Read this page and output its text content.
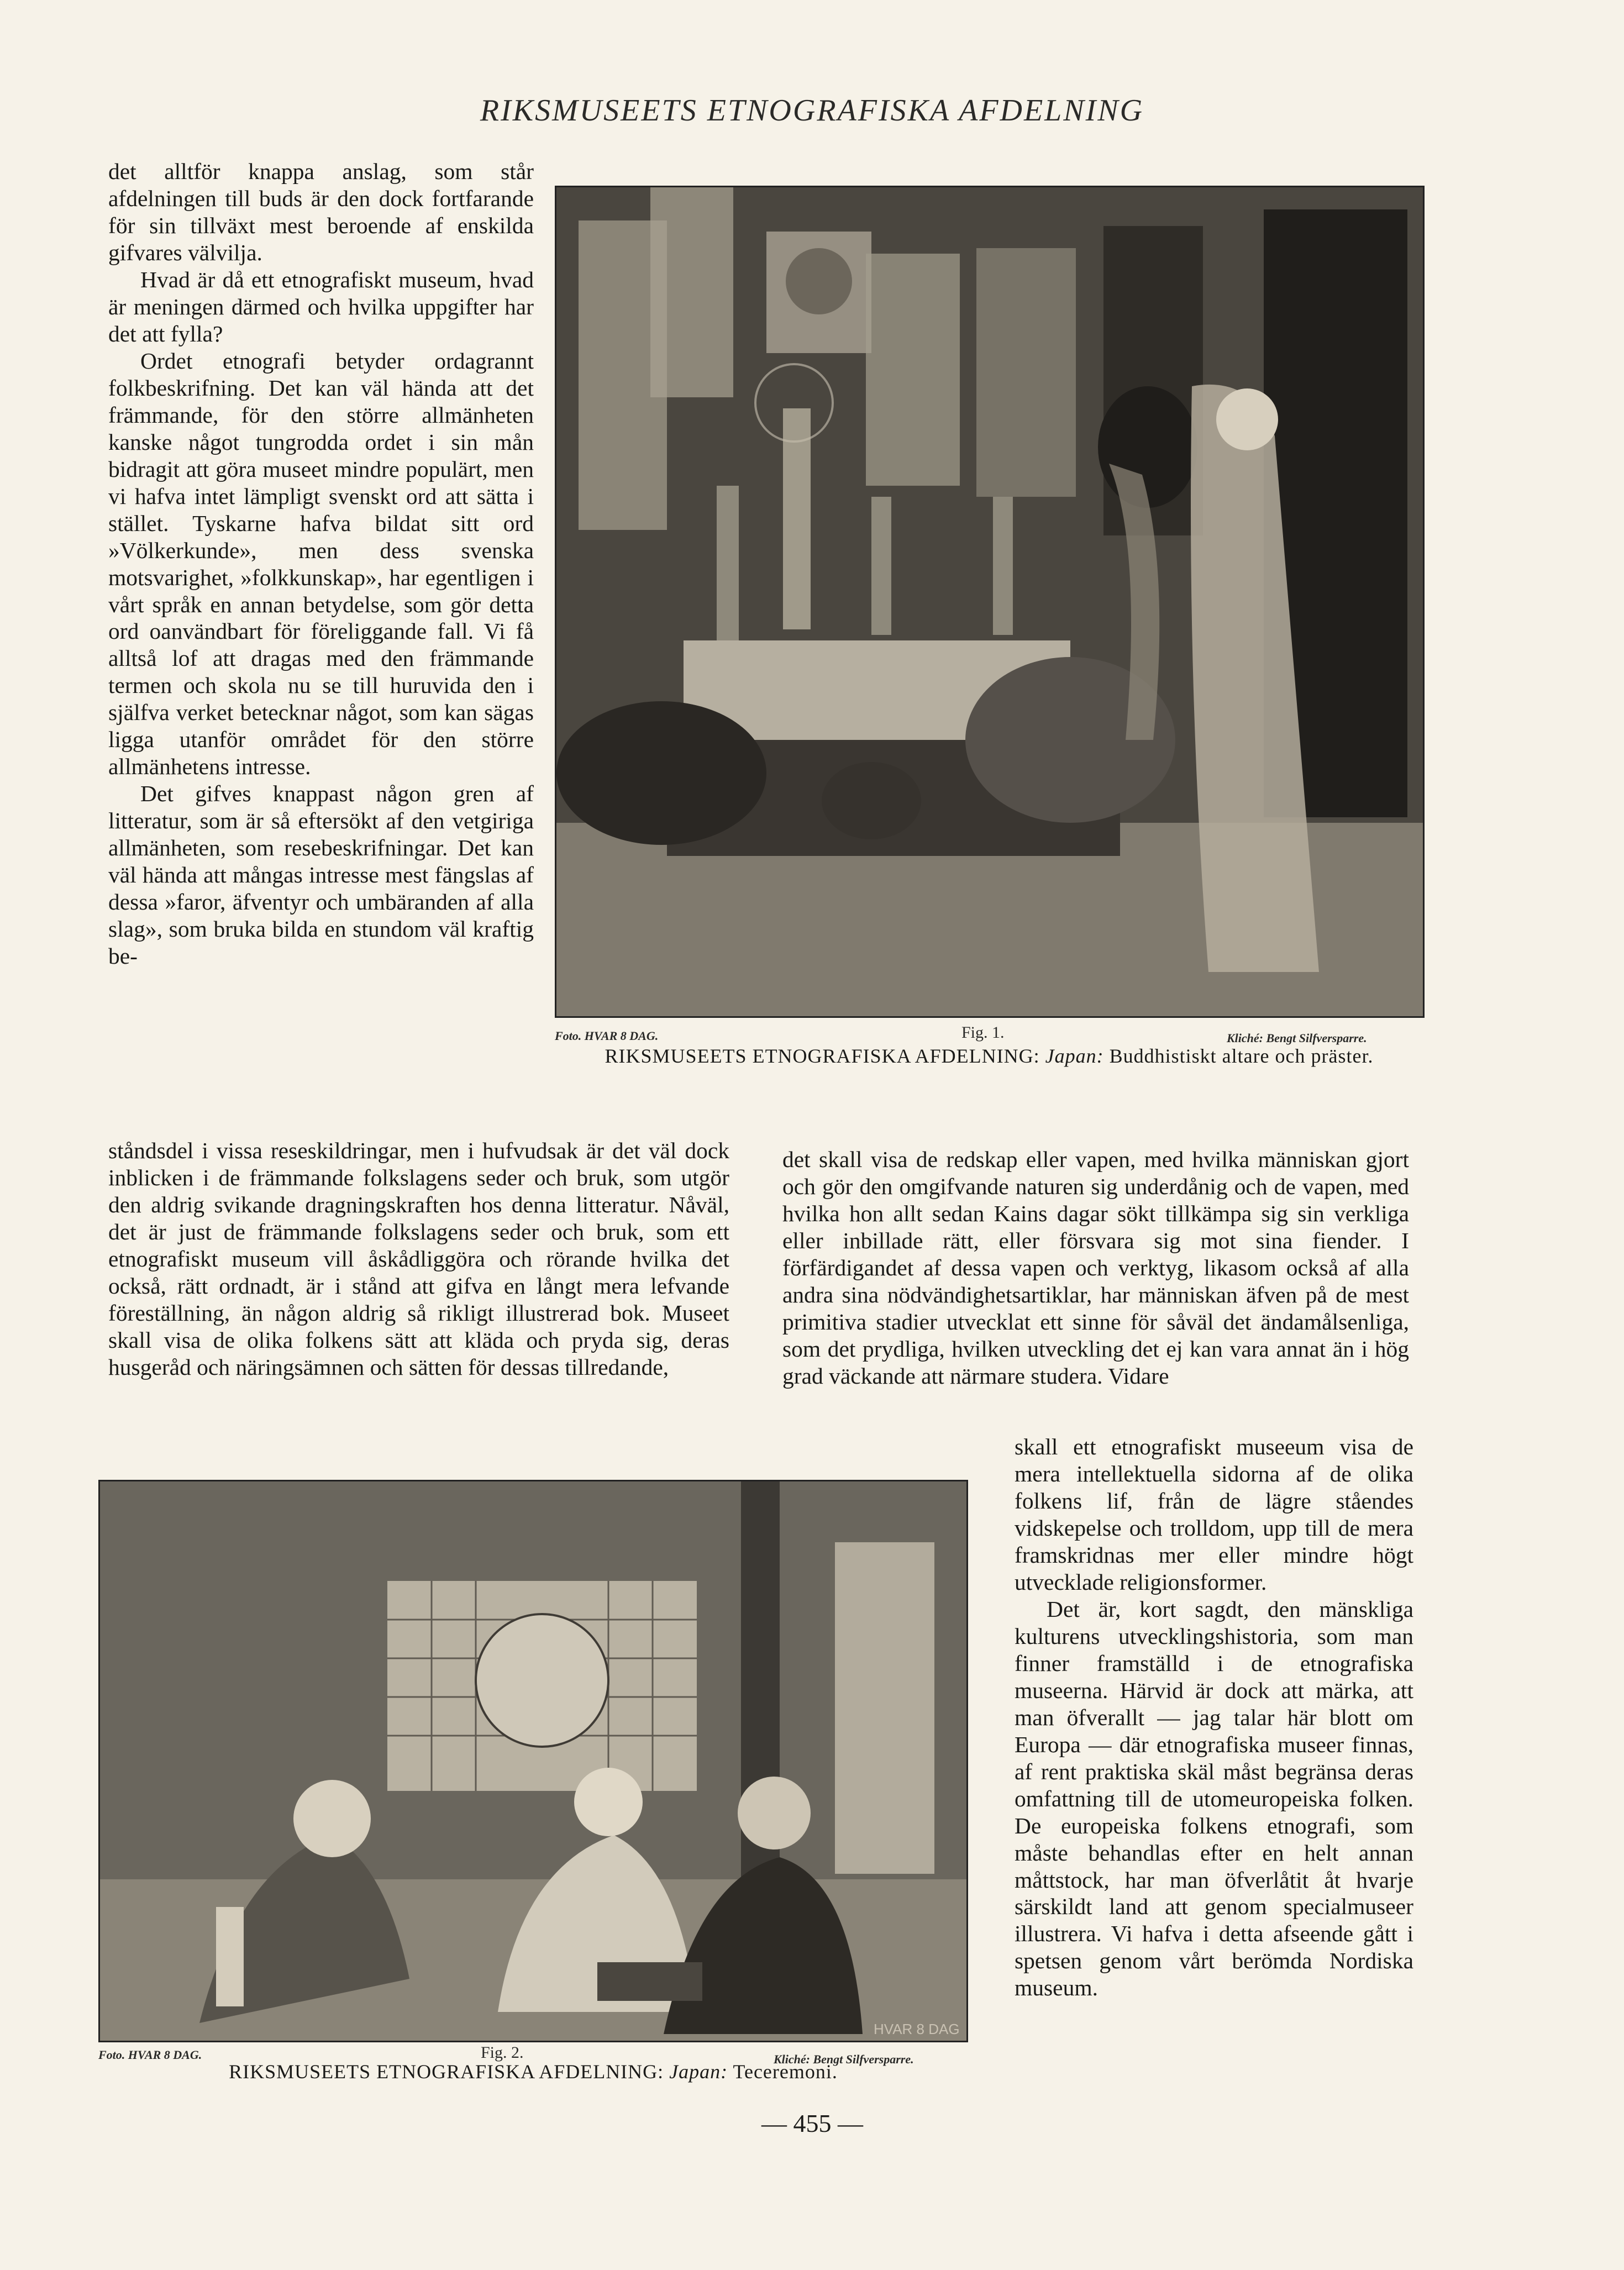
RIKSMUSEETS ETNOGRAFISKA AFDELNING

det alltför knappa anslag, som står afdelningen till buds är den dock fortfarande för sin tillväxt mest beroende af enskilda gifvares välvilja.

Hvad är då ett etnografiskt museum, hvad är meningen därmed och hvilka uppgifter har det att fylla?

Ordet etnografi betyder ordagrannt folkbeskrifning. Det kan väl hända att det främmande, för den större allmänheten kanske något tungrodda ordet i sin mån bidragit att göra museet mindre populärt, men vi hafva intet lämpligt svenskt ord att sätta i stället. Tyskarne hafva bildat sitt ord »Völkerkunde», men dess svenska motsvarighet, »folkkunskap», har egentligen i vårt språk en annan betydelse, som gör detta ord oanvändbart för föreliggande fall. Vi få alltså lof att dragas med den främmande termen och skola nu se till huruvida den i själfva verket betecknar något, som kan sägas ligga utanför området för den större allmänhetens intresse.

Det gifves knappast någon gren af litteratur, som är så eftersökt af den vetgiriga allmänheten, som resebeskrifningar. Det kan väl hända att mångas intresse mest fängslas af dessa »faror, äfventyr och umbäranden af alla slag», som bruka bilda en stundom väl kraftig be-

Foto. HVAR 8 DAG.	Fig. 1.	Kliché: Bengt Silfversparre.
RIKSMUSEETS ETNOGRAFISKA AFDELNING: Japan: Buddhistiskt altare och präster.

ståndsdel i vissa reseskildringar, men i hufvudsak är det väl dock inblicken i de främmande folkslagens seder och bruk, som utgör den aldrig svikande dragningskraften hos denna litteratur. Nåväl, det är just de främmande folkslagens seder och bruk, som ett etnografiskt museum vill åskådliggöra och rörande hvilka det också, rätt ordnadt, är i stånd att gifva en långt mera lefvande föreställning, än någon aldrig så rikligt illustrerad bok. Museet skall visa de olika folkens sätt att kläda och pryda sig, deras husgeråd och näringsämnen och sätten för dessas tillredande,

det skall visa de redskap eller vapen, med hvilka människan gjort och gör den omgifvande naturen sig underdånig och de vapen, med hvilka hon allt sedan Kains dagar sökt tillkämpa sig sin verkliga eller inbillade rätt, eller försvara sig mot sina fiender. I förfärdigandet af dessa vapen och verktyg, likasom också af alla andra sina nödvändighetsartiklar, har människan äfven på de mest primitiva stadier utvecklat ett sinne för såväl det ändamålsenliga, som det prydliga, hvilken utveckling det ej kan vara annat än i hög grad väckande att närmare studera. Vidare

HVAR 8 DAG
Foto. HVAR 8 DAG.	Fig. 2.	Kliché: Bengt Silfversparre.
RIKSMUSEETS ETNOGRAFISKA AFDELNING: Japan: Teceremoni.

skall ett etnografiskt museeum visa de mera intellektuella sidorna af de olika folkens lif, från de lägre ståendes vidskepelse och trolldom, upp till de mera framskridnas mer eller mindre högt utvecklade religionsformer.

Det är, kort sagdt, den mänskliga kulturens utvecklingshistoria, som man finner framställd i de etnografiska museerna. Härvid är dock att märka, att man öfverallt — jag talar här blott om Europa — där etnografiska museer finnas, af rent praktiska skäl måst begränsa deras omfattning till de utomeuropeiska folken. De europeiska folkens etnografi, som måste behandlas efter en helt annan måttstock, har man öfverlåtit åt hvarje särskildt land att genom specialmuseer illustrera. Vi hafva i detta afseende gått i spetsen genom vårt berömda Nordiska museum.

— 455 —
